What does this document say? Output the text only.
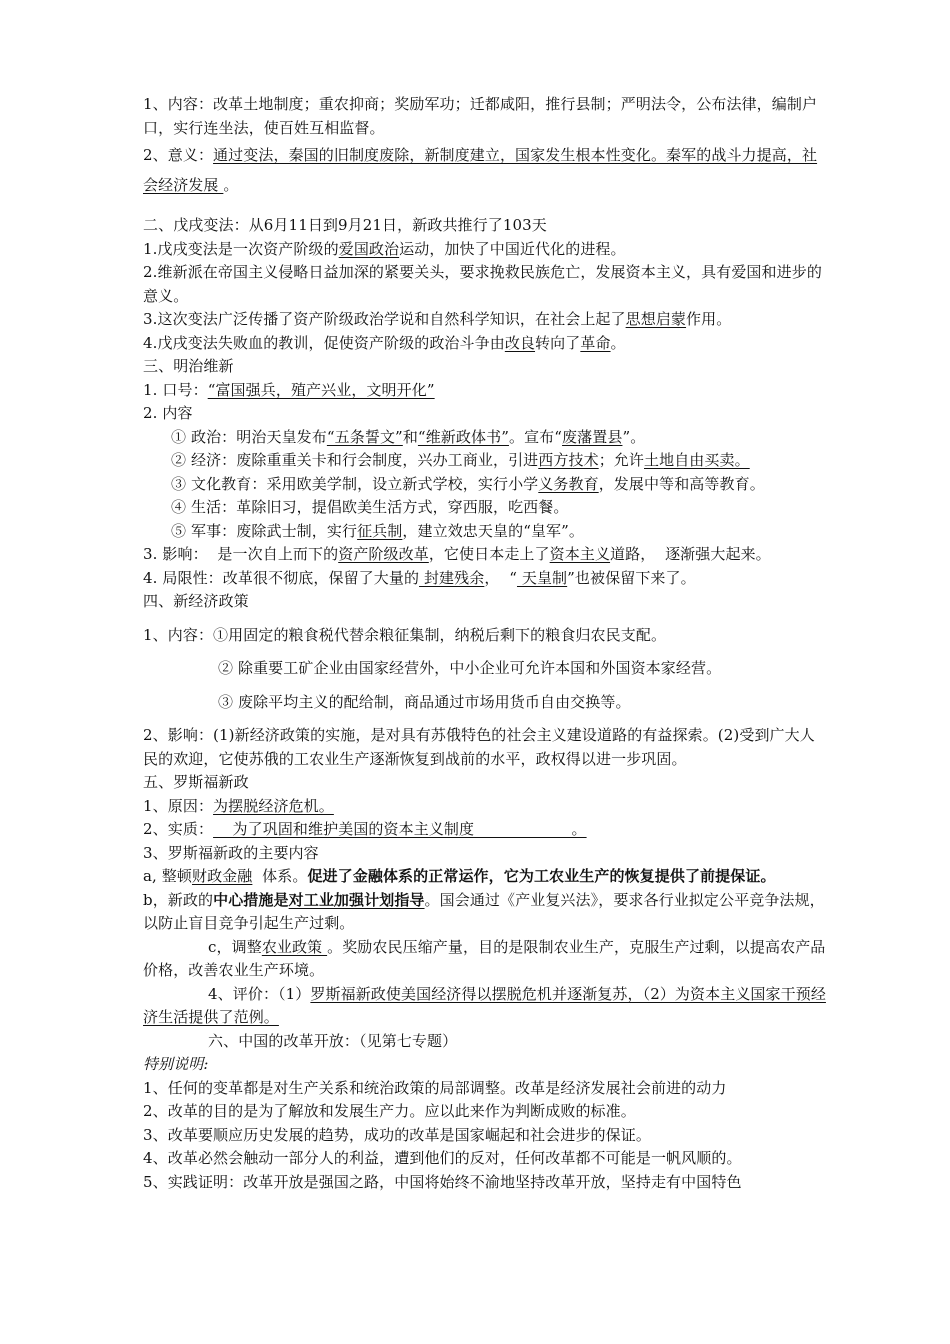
1、内容：改革土地制度；重农抑商；奖励军功；迁都咸阳，推行县制；严明法令，公布法律，编制户口，实行连坐法，使百姓互相监督。

2、意义：通过变法，秦国的旧制度废除，新制度建立，国家发生根本性变化。秦军的战斗力提高，社会经济发展 。

二、戊戌变法：从6月11日到9月21日，新政共推行了103天

1.戊戌变法是一次资产阶级的爱国政治运动，加快了中国近代化的进程。

2.维新派在帝国主义侵略日益加深的紧要关头，要求挽救民族危亡，发展资本主义，具有爱国和进步的意义。

3.这次变法广泛传播了资产阶级政治学说和自然科学知识，在社会上起了思想启蒙作用。

4.戊戌变法失败血的教训，促使资产阶级的政治斗争由改良转向了革命。

三、明治维新

1. 口号：“富国强兵，殖产兴业，文明开化”

2. 内容

① 政治：明治天皇发布“五条誓文”和“维新政体书”。宣布“废藩置县”。

② 经济：废除重重关卡和行会制度，兴办工商业，引进西方技术；允许土地自由买卖。

③ 文化教育：采用欧美学制，设立新式学校，实行小学义务教育，发展中等和高等教育。

④ 生活：革除旧习，提倡欧美生活方式，穿西服，吃西餐。

⑤ 军事：废除武士制，实行征兵制，建立效忠天皇的“皇军”。

3. 影响：  是一次自上而下的资产阶级改革，它使日本走上了资本主义道路，  逐渐强大起来。

4. 局限性：改革很不彻底，保留了大量的 封建残余，  “ 天皇制”也被保留下来了。

四、新经济政策

1、内容：①用固定的粮食税代替余粮征集制，纳税后剩下的粮食归农民支配。

② 除重要工矿企业由国家经营外，中小企业可允许本国和外国资本家经营。

③ 废除平均主义的配给制，商品通过市场用货币自由交换等。

2、影响：(1)新经济政策的实施，是对具有苏俄特色的社会主义建设道路的有益探索。(2)受到广大人民的欢迎，它使苏俄的工农业生产逐渐恢复到战前的水平，政权得以进一步巩固。

五、罗斯福新政

1、原因：为摆脱经济危机。

2、实质：    为了巩固和维护美国的资本主义制度                    。

3、罗斯福新政的主要内容

a, 整顿财政金融  体系。促进了金融体系的正常运作，它为工农业生产的恢复提供了前提保证。b，新政的中心措施是对工业加强计划指导。国会通过《产业复兴法》，要求各行业拟定公平竞争法规，以防止盲目竞争引起生产过剩。

c，调整农业政策 。奖励农民压缩产量，目的是限制农业生产，克服生产过剩，以提高农产品价格，改善农业生产环境。

4、评价：（1）罗斯福新政使美国经济得以摆脱危机并逐渐复苏，（2）为资本主义国家干预经济生活提供了范例。

六、中国的改革开放：（见第七专题）

特别说明:

1、任何的变革都是对生产关系和统治政策的局部调整。改革是经济发展社会前进的动力

2、改革的目的是为了解放和发展生产力。应以此来作为判断成败的标准。

3、改革要顺应历史发展的趋势，成功的改革是国家崛起和社会进步的保证。

4、改革必然会触动一部分人的利益，遭到他们的反对，任何改革都不可能是一帆风顺的。

5、实践证明：改革开放是强国之路，中国将始终不渝地坚持改革开放，坚持走有中国特色
